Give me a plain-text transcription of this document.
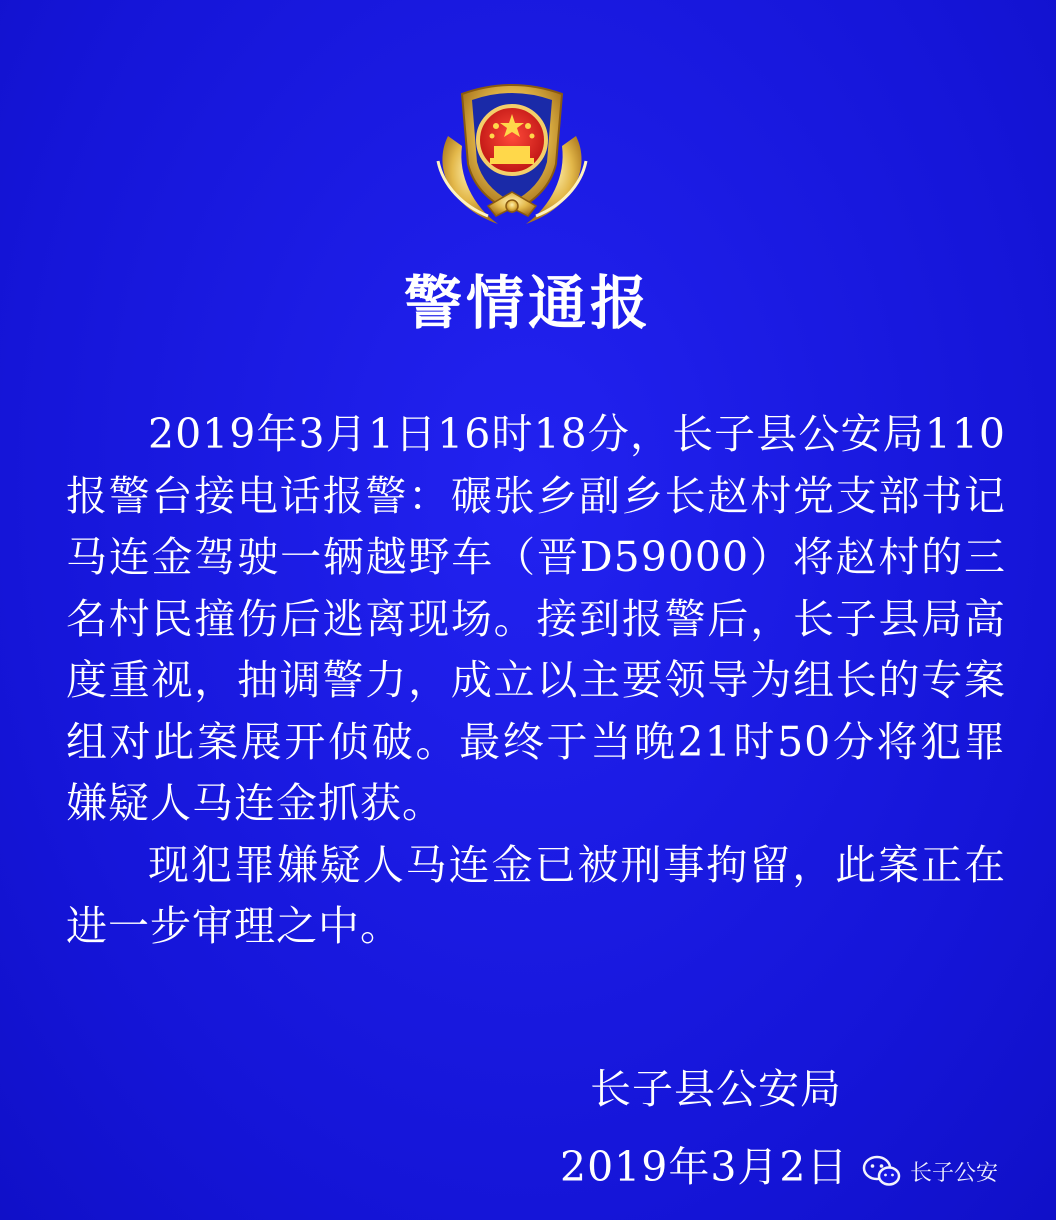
警情通报

2019年3月1日16时18分，长子县公安局110报警台接电话报警：碾张乡副乡长赵村党支部书记马连金驾驶一辆越野车（晋D59000）将赵村的三名村民撞伤后逃离现场。接到报警后，长子县局高度重视，抽调警力，成立以主要领导为组长的专案组对此案展开侦破。最终于当晚21时50分将犯罪嫌疑人马连金抓获。

现犯罪嫌疑人马连金已被刑事拘留，此案正在进一步审理之中。

长子县公安局
2019年3月2日	长子公安
